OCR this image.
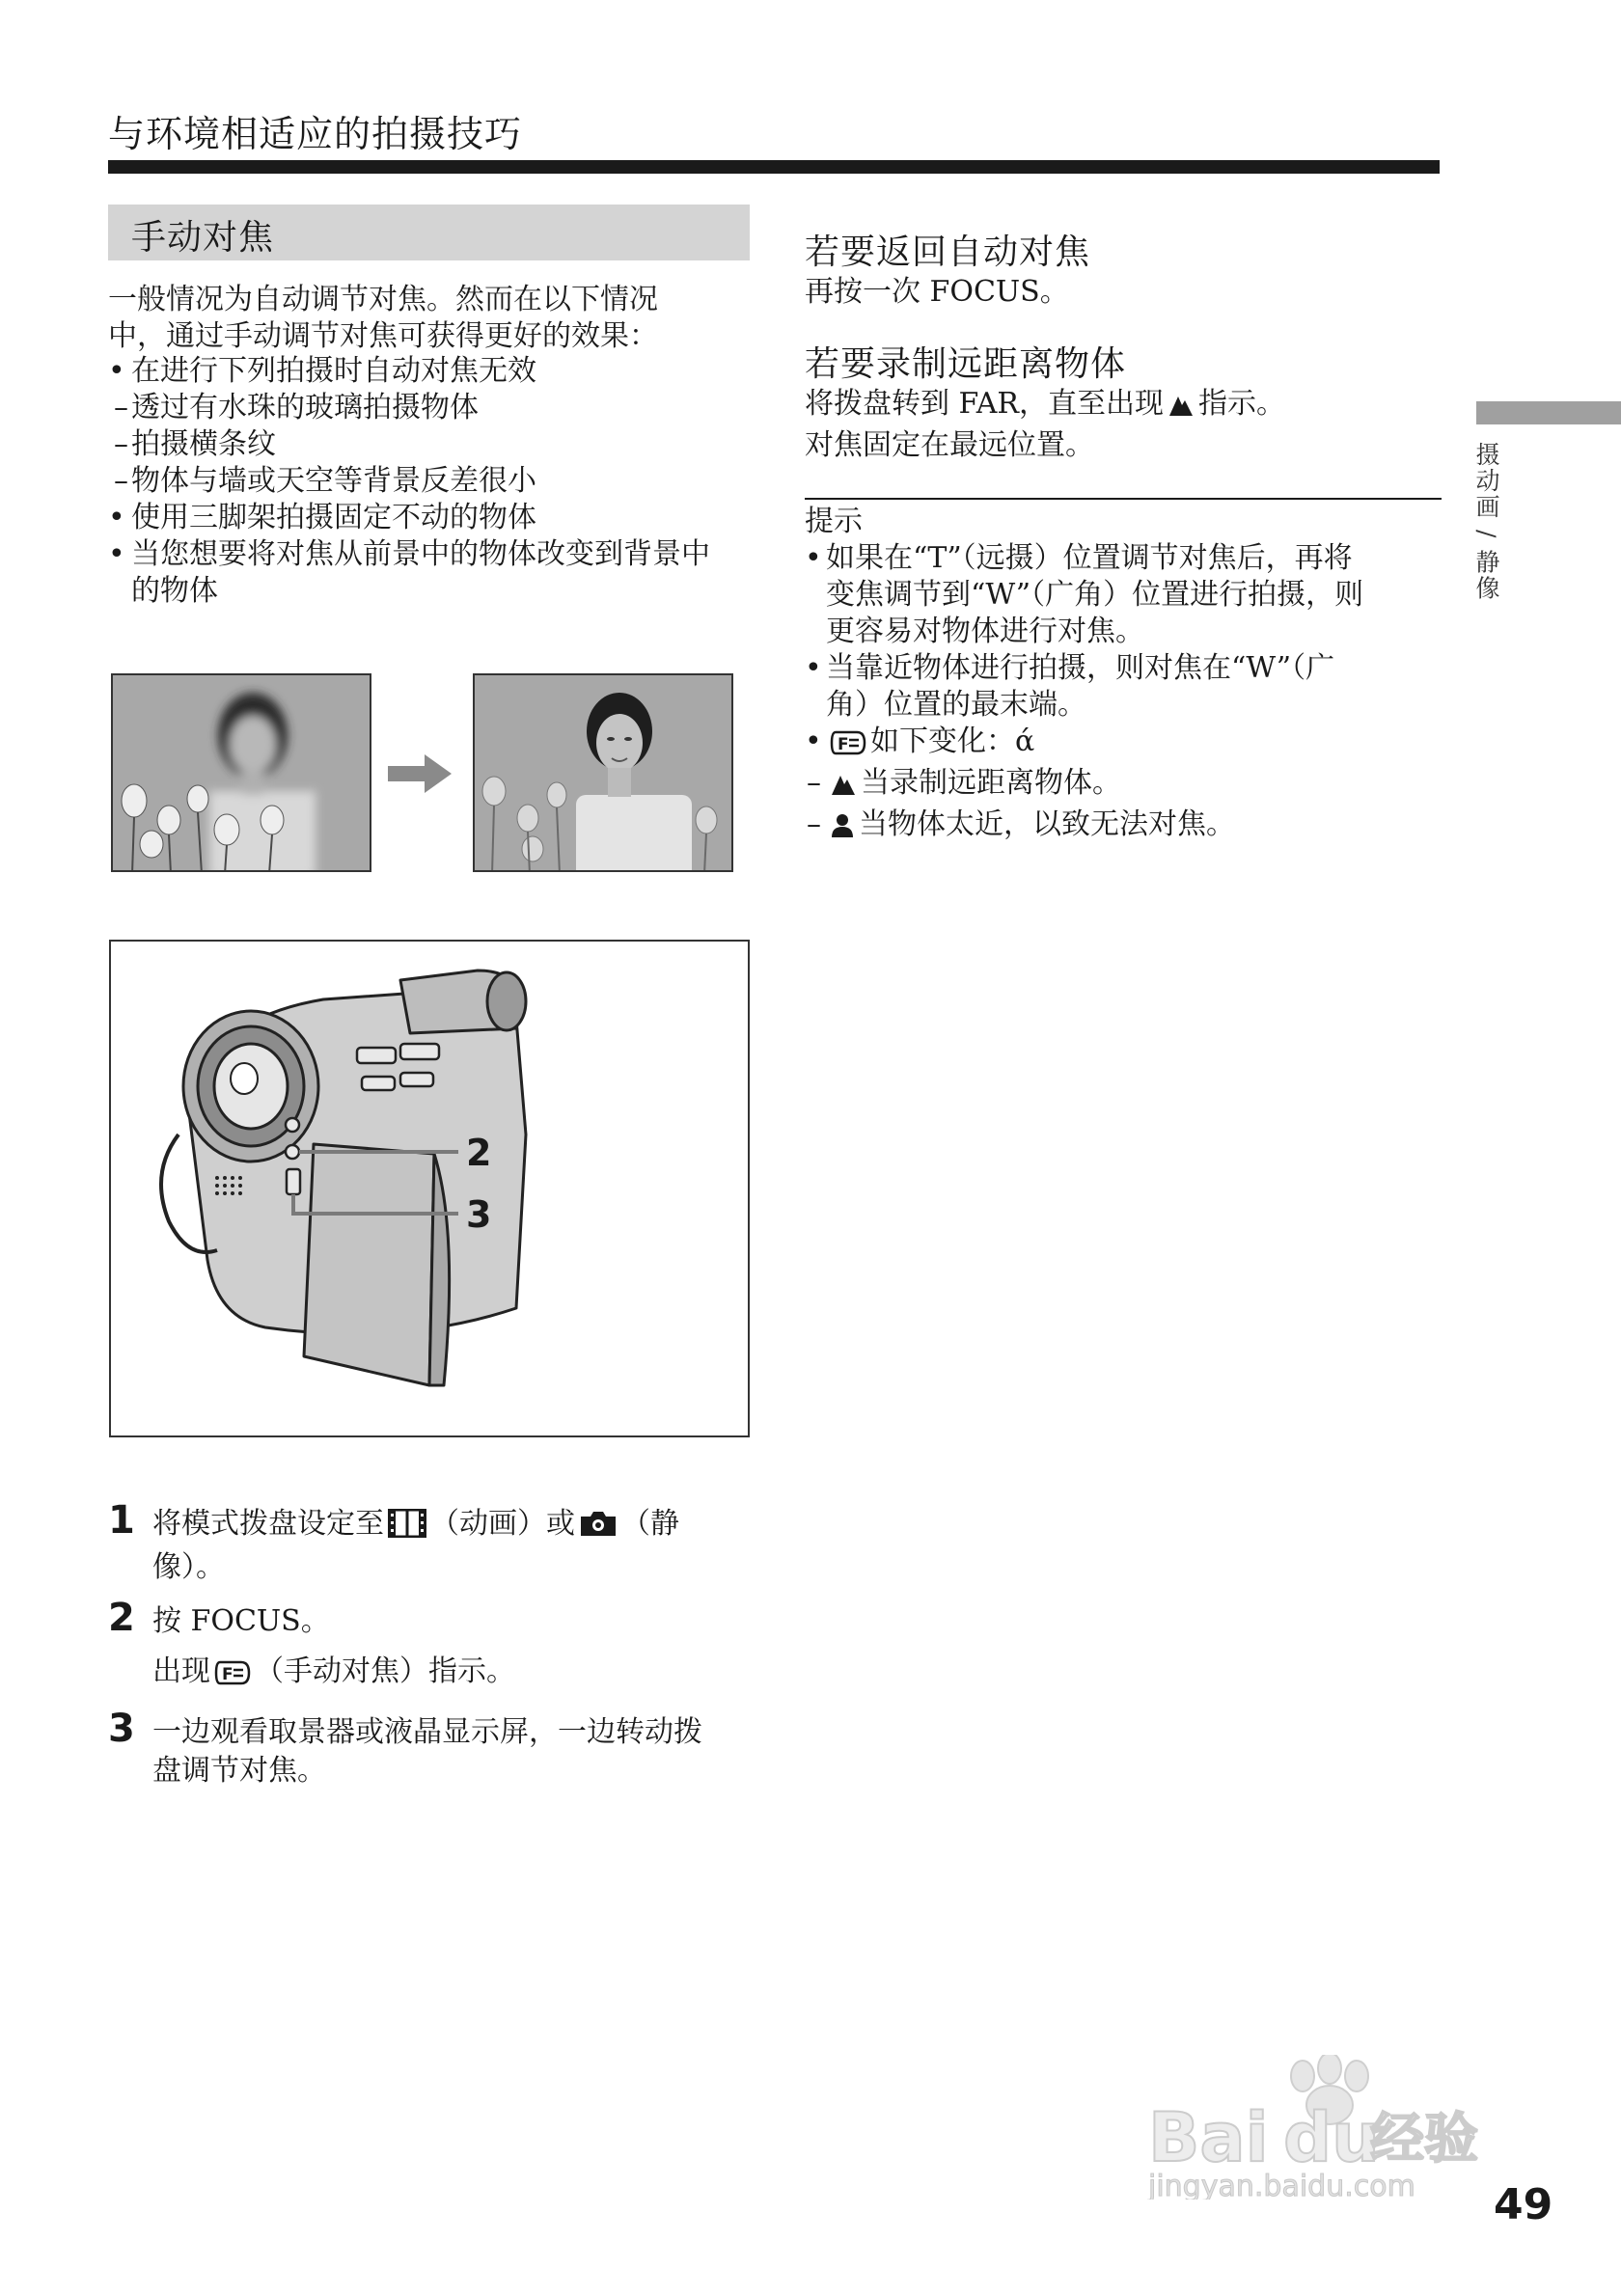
与环境相适应的拍摄技巧
摄动画 / 静像
手动对焦
一般情况为自动调节对焦。然而在以下情况
中，通过手动调节对焦可获得更好的效果：
• 在进行下列拍摄时自动对焦无效
– 透过有水珠的玻璃拍摄物体
– 拍摄横条纹
– 物体与墙或天空等背景反差很小
• 使用三脚架拍摄固定不动的物体
• 当您想要将对焦从前景中的物体改变到背景中
的物体
2
3
1 将模式拨盘设定至 （动画）或 （静
像）。
2 按 FOCUS。
出现 F （手动对焦）指示。
3 一边观看取景器或液晶显示屏，一边转动拨
盘调节对焦。
若要返回自动对焦
再按一次 FOCUS。
若要录制远距离物体
将拨盘转到 FAR，直至出现 指示。
对焦固定在最远位置。
提示
• 如果在“T”（远摄）位置调节对焦后，再将
变焦调节到“W”（广角）位置进行拍摄，则
更容易对物体进行对焦。
• 当靠近物体进行拍摄，则对焦在“W”（广
角）位置的最末端。
• F 如下变化：ά
– 当录制远距离物体。
– 当物体太近，以致无法对焦。
Bai du
经验
jingyan.baidu.com 49
